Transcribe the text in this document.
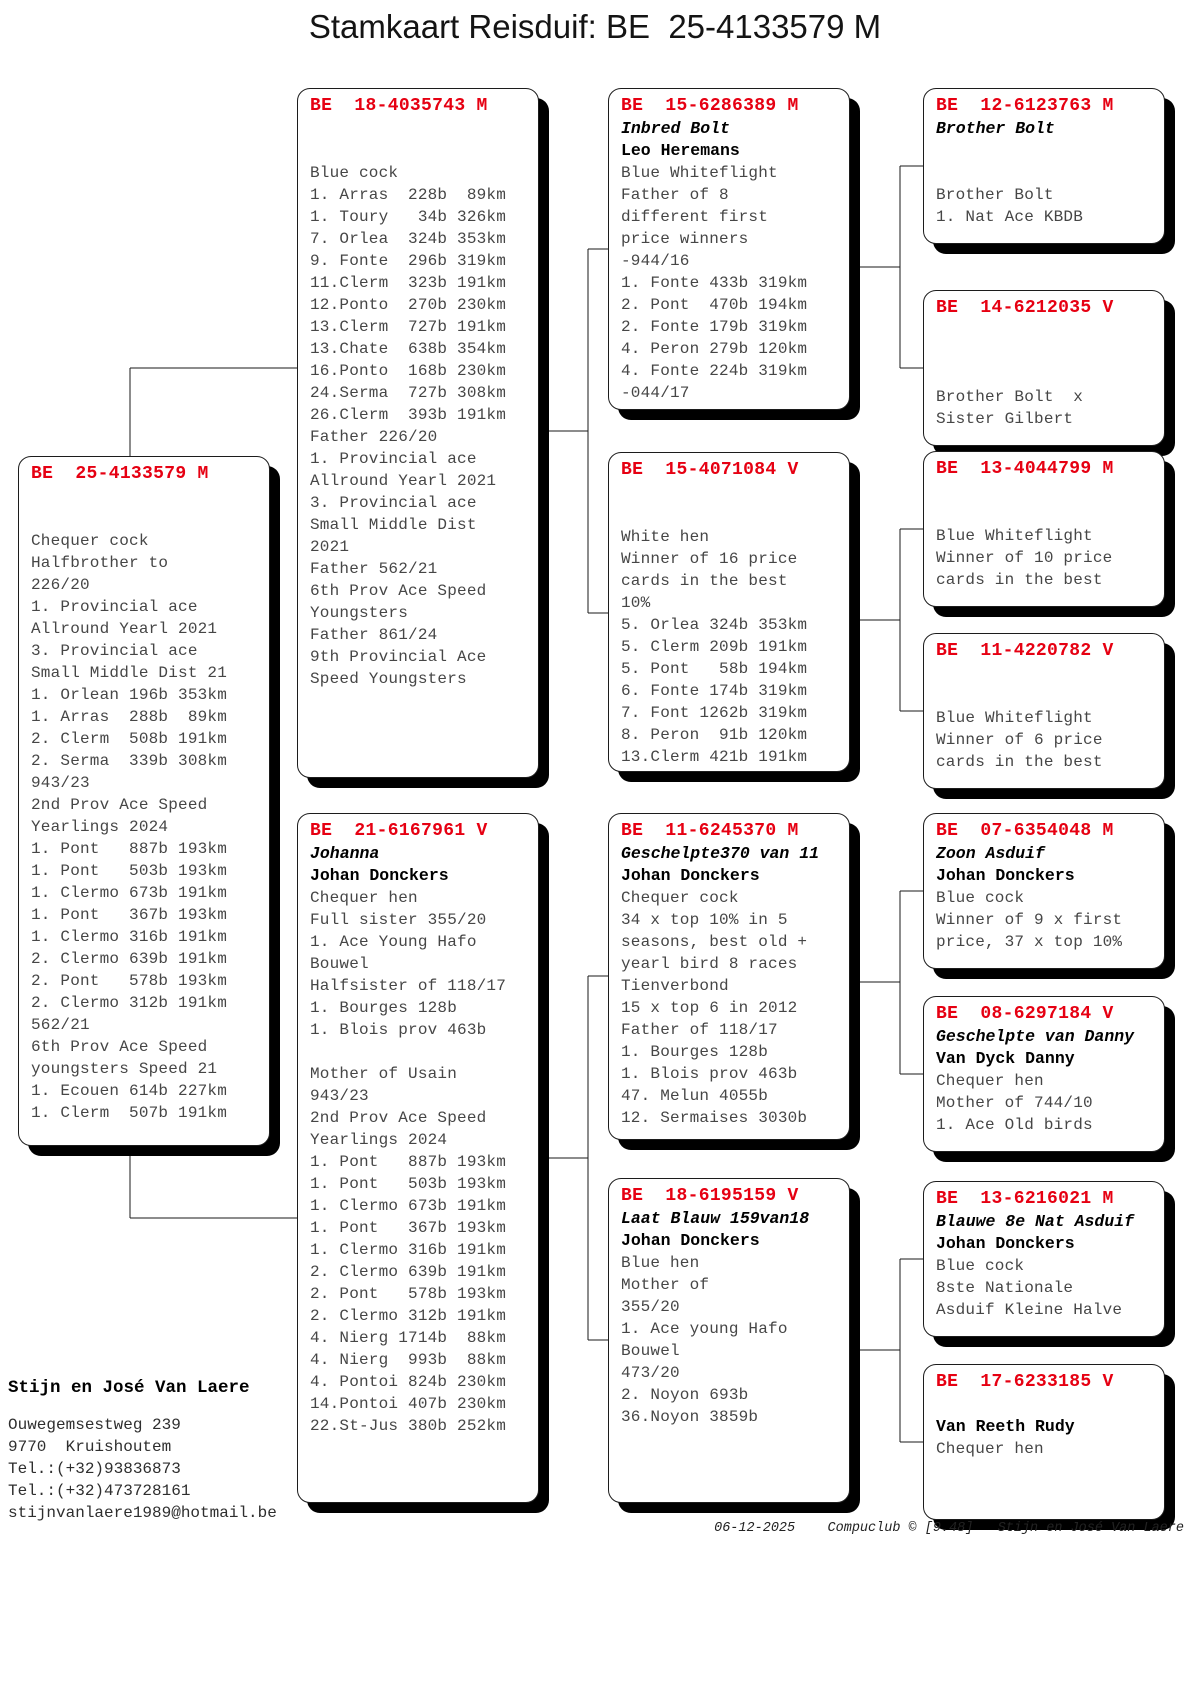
Stamkaart Reisduif: BE  25-4133579 M
BE  25-4133579 M
Chequer cock
Halfbrother to
226/20
1. Provincial ace
Allround Yearl 2021
3. Provincial ace
Small Middle Dist 21
1. Orlean 196b 353km
1. Arras  288b  89km
2. Clerm  508b 191km
2. Serma  339b 308km
943/23
2nd Prov Ace Speed
Yearlings 2024
1. Pont   887b 193km
1. Pont   503b 193km
1. Clermo 673b 191km
1. Pont   367b 193km
1. Clermo 316b 191km
2. Clermo 639b 191km
2. Pont   578b 193km
2. Clermo 312b 191km
562/21
6th Prov Ace Speed
youngsters Speed 21
1. Ecouen 614b 227km
1. Clerm  507b 191km
BE  18-4035743 M
Blue cock
1. Arras  228b  89km
1. Toury   34b 326km
7. Orlea  324b 353km
9. Fonte  296b 319km
11.Clerm  323b 191km
12.Ponto  270b 230km
13.Clerm  727b 191km
13.Chate  638b 354km
16.Ponto  168b 230km
24.Serma  727b 308km
26.Clerm  393b 191km
Father 226/20
1. Provincial ace
Allround Yearl 2021
3. Provincial ace
Small Middle Dist
2021
Father 562/21
6th Prov Ace Speed
Youngsters
Father 861/24
9th Provincial Ace
Speed Youngsters
BE  21-6167961 V
Johanna
Johan Donckers
Chequer hen
Full sister 355/20
1. Ace Young Hafo
Bouwel
Halfsister of 118/17
1. Bourges 128b
1. Blois prov 463b

Mother of Usain
943/23
2nd Prov Ace Speed
Yearlings 2024
1. Pont   887b 193km
1. Pont   503b 193km
1. Clermo 673b 191km
1. Pont   367b 193km
1. Clermo 316b 191km
2. Clermo 639b 191km
2. Pont   578b 193km
2. Clermo 312b 191km
4. Nierg 1714b  88km
4. Nierg  993b  88km
4. Pontoi 824b 230km
14.Pontoi 407b 230km
22.St-Jus 380b 252km
BE  15-6286389 M
Inbred Bolt
Leo Heremans
Blue Whiteflight
Father of 8
different first
price winners
-944/16
1. Fonte 433b 319km
2. Pont  470b 194km
2. Fonte 179b 319km
4. Peron 279b 120km
4. Fonte 224b 319km
-044/17
BE  15-4071084 V
White hen
Winner of 16 price
cards in the best
10%
5. Orlea 324b 353km
5. Clerm 209b 191km
5. Pont   58b 194km
6. Fonte 174b 319km
7. Font 1262b 319km
8. Peron  91b 120km
13.Clerm 421b 191km
BE  11-6245370 M
Geschelpte370 van 11
Johan Donckers
Chequer cock
34 x top 10% in 5
seasons, best old +
yearl bird 8 races
Tienverbond
15 x top 6 in 2012
Father of 118/17
1. Bourges 128b
1. Blois prov 463b
47. Melun 4055b
12. Sermaises 3030b
BE  18-6195159 V
Laat Blauw 159van18
Johan Donckers
Blue hen
Mother of
355/20
1. Ace young Hafo
Bouwel
473/20
2. Noyon 693b
36.Noyon 3859b
BE  12-6123763 M
Brother Bolt

Brother Bolt
1. Nat Ace KBDB
BE  14-6212035 V

Brother Bolt  x
Sister Gilbert
BE  13-4044799 M
Blue Whiteflight
Winner of 10 price
cards in the best
BE  11-4220782 V
Blue Whiteflight
Winner of 6 price
cards in the best
BE  07-6354048 M
Zoon Asduif
Johan Donckers
Blue cock
Winner of 9 x first
price, 37 x top 10%
BE  08-6297184 V
Geschelpte van Danny
Van Dyck Danny
Chequer hen
Mother of 744/10
1. Ace Old birds
BE  13-6216021 M
Blauwe 8e Nat Asduif
Johan Donckers
Blue cock
8ste Nationale
Asduif Kleine Halve
BE  17-6233185 V
Van Reeth Rudy
Chequer hen
Stijn en José Van Laere
Ouwegemsestweg 239
9770  Kruishoutem
Tel.:(+32)93836873
Tel.:(+32)473728161
stijnvanlaere1989@hotmail.be
06-12-2025    Compuclub © [9.48]   Stijn en José Van Laere
